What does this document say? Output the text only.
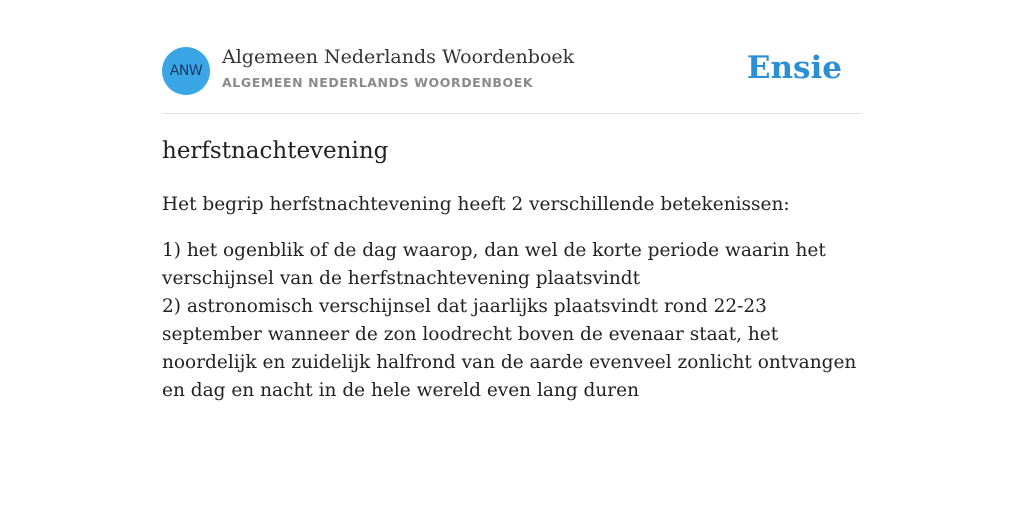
ANW
Algemeen Nederlands Woordenboek
ALGEMEEN NEDERLANDS WOORDENBOEK	Ensie
herfstnachtevening

Het begrip herfstnachtevening heeft 2 verschillende betekenissen:

1) het ogenblik of de dag waarop, dan wel de korte periode waarin het verschijnsel van de herfstnachtevening plaatsvindt
2) astronomisch verschijnsel dat jaarlijks plaatsvindt rond 22-23 september wanneer de zon loodrecht boven de evenaar staat, het noordelijk en zuidelijk halfrond van de aarde evenveel zonlicht ontvangen en dag en nacht in de hele wereld even lang duren
